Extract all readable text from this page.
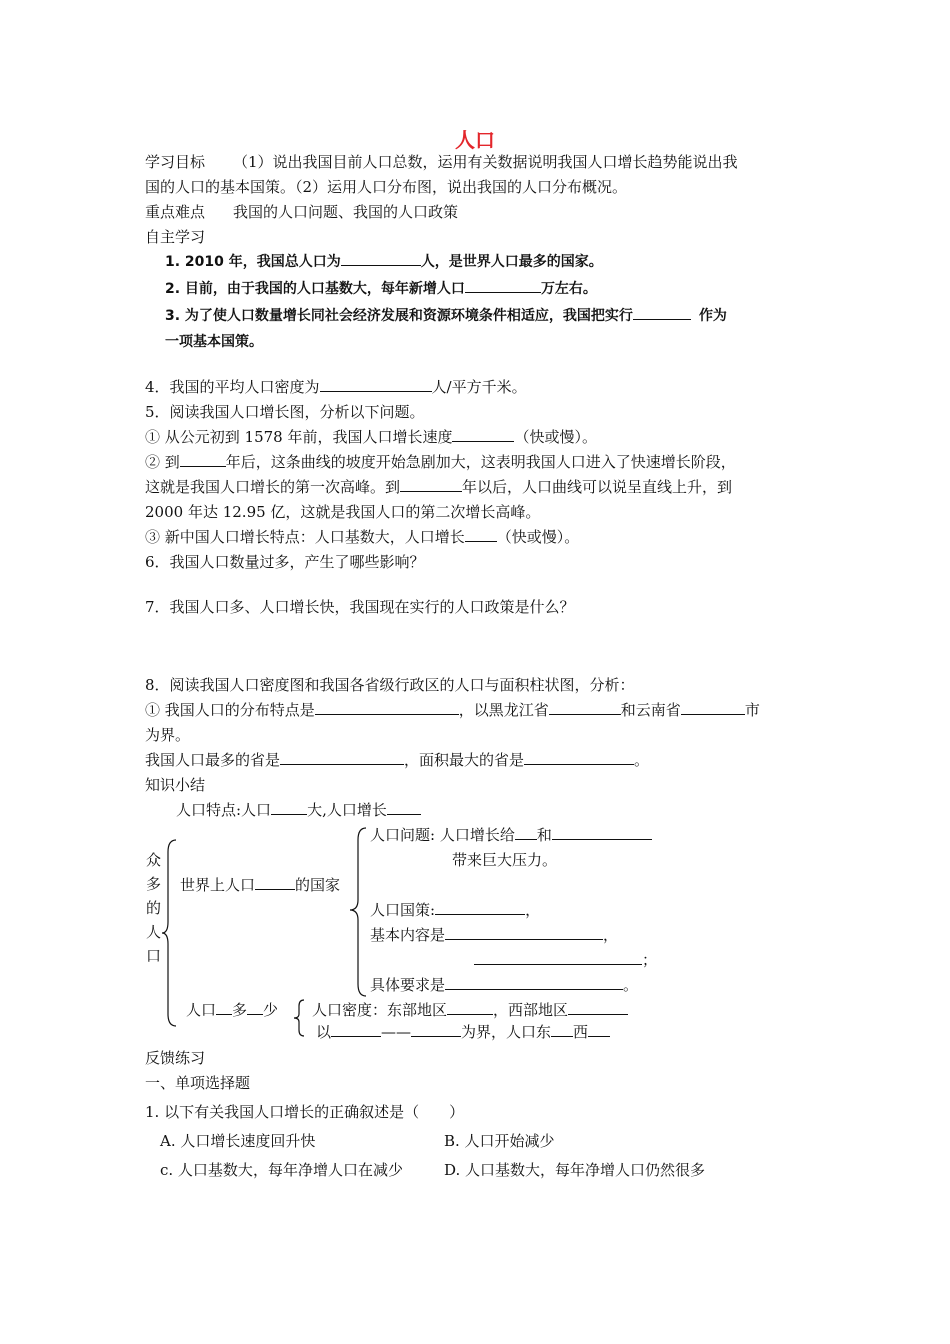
人口
学习目标 （1）说出我国目前人口总数，运用有关数据说明我国人口增长趋势能说出我
国的人口的基本国策。（2）运用人口分布图，说出我国的人口分布概况。
重点难点 我国的人口问题、我国的人口政策
自主学习
1. 2010 年，我国总人口为	人，是世界人口最多的国家。
2. 目前，由于我国的人口基数大，每年新增人口	万左右。
3. 为了使人口数量增长同社会经济发展和资源环境条件相适应，我国把实行	作为
一项基本国策。
4．我国的平均人口密度为	人/平方千米。
5．阅读我国人口增长图，分析以下问题。
① 从公元初到 1578 年前，我国人口增长速度	（快或慢）。
② 到	年后，这条曲线的坡度开始急剧加大，这表明我国人口进入了快速增长阶段，
这就是我国人口增长的第一次高峰。到	年以后，人口曲线可以说呈直线上升，到
2000 年达 12.95 亿，这就是我国人口的第二次增长高峰。
③ 新中国人口增长特点：人口基数大，人口增长 （快或慢）。
6．我国人口数量过多，产生了哪些影响？
7．我国人口多、人口增长快，我国现在实行的人口政策是什么？
8．阅读我国人口密度图和我国各省级行政区的人口与面积柱状图，分析：
① 我国人口的分布特点是	，以黑龙江省	和云南省	市
为界。
我国人口最多的省是	，面积最大的省是	。
知识小结
人口特点:人口 大,人口增长
众
多
的
人
口
世界上人口	的国家
人口问题: 人口增长给 和
带来巨大压力。
人口国策:	，
基本内容是	，
；
具体要求是	。
人口 多 少 人口密度：东部地区	，西部地区
以	——	为界，人口东 西
反馈练习
一、单项选择题
1. 以下有关我国人口增长的正确叙述是（　　）
A. 人口增长速度回升快	B. 人口开始减少
c. 人口基数大，每年净增人口在减少	D. 人口基数大，每年净增人口仍然很多
